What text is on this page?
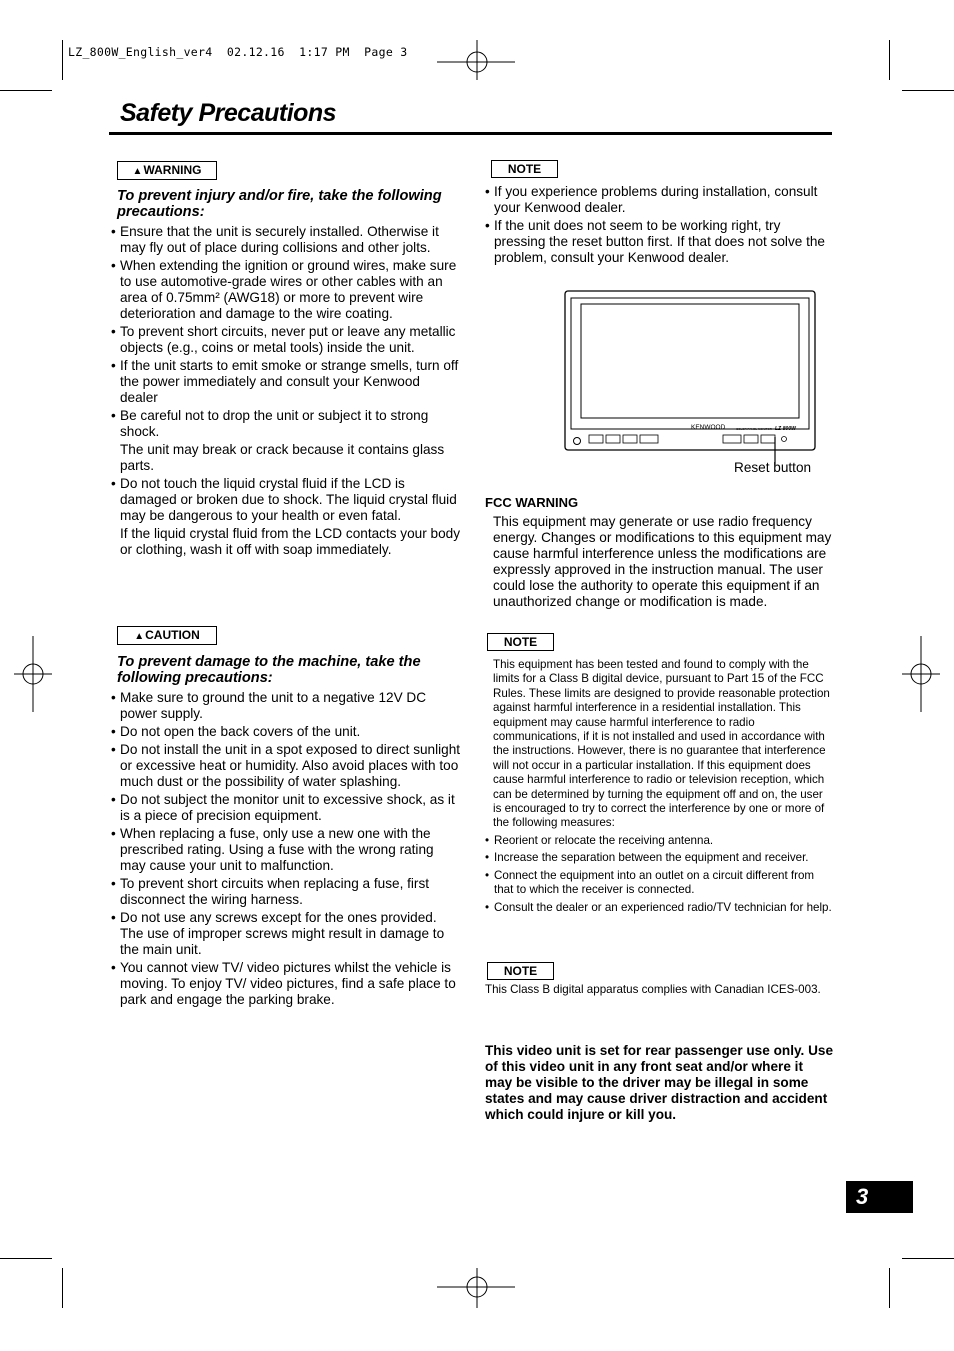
LZ_800W_English_ver4  02.12.16  1:17 PM  Page 3
Safety Precautions
▲WARNING
To prevent injury and/or fire, take the following precautions:
• Ensure that the unit is securely installed. Otherwise it may fly out of place during collisions and other jolts.
• When extending the ignition or ground wires, make sure to use automotive-grade wires or other cables with an area of 0.75mm² (AWG18) or more to prevent wire deterioration and damage to the wire coating.
• To prevent short circuits, never put or leave any metallic objects (e.g., coins or metal tools) inside the unit.
• If the unit starts to emit smoke or strange smells, turn off the power immediately and consult your Kenwood dealer
• Be careful not to drop the unit or subject it to strong shock.
The unit may break or crack because it contains glass parts.
• Do not touch the liquid crystal fluid if the LCD is damaged or broken due to shock. The liquid crystal fluid may be dangerous to your health or even fatal.
If the liquid crystal fluid from the LCD contacts your body or clothing, wash it off with soap immediately.
▲CAUTION
To prevent damage to the machine, take the following precautions:
• Make sure to ground the unit to a negative 12V DC power supply.
• Do not open the back covers of the unit.
• Do not install the unit in a spot exposed to direct sunlight or excessive heat or humidity. Also avoid places with too much dust or the possibility of water splashing.
• Do not subject the monitor unit to excessive shock, as it is a piece of precision equipment.
• When replacing a fuse, only use a new one with the prescribed rating. Using a fuse with the wrong rating may cause your unit to malfunction.
• To prevent short circuits when replacing a fuse, first disconnect the wiring harness.
• Do not use any screws except for the ones provided. The use of improper screws might result in damage to the main unit.
• You cannot view TV/ video pictures whilst the vehicle is moving. To enjoy TV/ video pictures, find a safe place to park and engage the parking brake.
NOTE
• If you experience problems during installation, consult your Kenwood dealer.
• If the unit does not seem to be working right, try pressing the reset button first. If that does not solve the problem, consult your Kenwood dealer.
KENWOOD	COLOR PANEL MONITOR LZ-800W
Reset button
FCC WARNING
This equipment may generate or use radio frequency energy. Changes or modifications to this equipment may cause harmful interference unless the modifications are expressly approved in the instruction manual. The user could lose the authority to operate this equipment if an unauthorized change or modification is made.
NOTE
This equipment has been tested and found to comply with the limits for a Class B digital device, pursuant to Part 15 of the FCC Rules. These limits are designed to provide reasonable protection against harmful interference in a residential installation. This equipment may cause harmful interference to radio communications, if it is not installed and used in accordance with the instructions. However, there is no guarantee that interference will not occur in a particular installation. If this equipment does cause harmful interference to radio or television reception, which can be determined by turning the equipment off and on, the user is encouraged to try to correct the interference by one or more of the following measures:
• Reorient or relocate the receiving antenna.
• Increase the separation between the equipment and receiver.
• Connect the equipment into an outlet on a circuit different from that to which the receiver is connected.
• Consult the dealer or an experienced radio/TV technician for help.
NOTE
This Class B digital apparatus complies with Canadian ICES-003.
This video unit is set for rear passenger use only. Use of this video unit in any front seat and/or where it may be visible to the driver may be illegal in some states and may cause driver distraction and accident which could injure or kill you.
3
